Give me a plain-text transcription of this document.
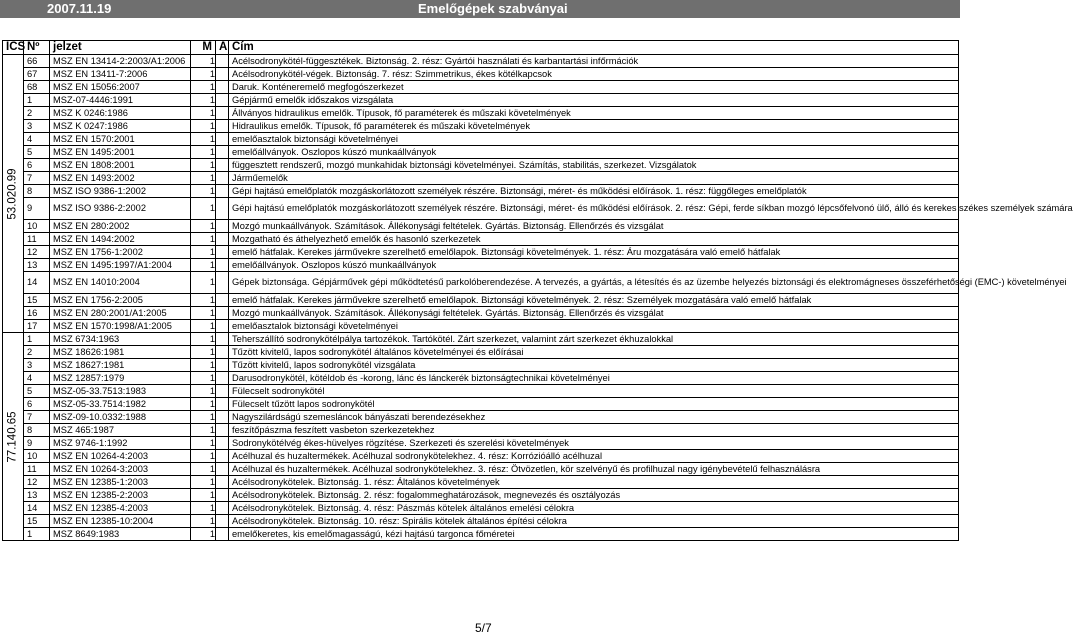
2007.11.19	Emelőgépek szabványai
ICS	Nº	jelzet	M	A	Cím

53.020.99	66	MSZ EN 13414-2:2003/A1:2006	1		Acélsodronykötél-függesztékek. Biztonság. 2. rész: Gyártói használati és karbantartási infőrmációk
	67	MSZ EN 13411-7:2006	1		Acélsodronykötél-végek. Biztonság. 7. rész: Szimmetrikus, ékes kötélkapcsok
	68	MSZ EN 15056:2007	1		Daruk. Konténeremelő megfogószerkezet
	1	MSZ-07-4446:1991	1		Gépjármű emelők időszakos vizsgálata
	2	MSZ K 0246:1986	1		Állványos hidraulikus emelők. Típusok, fő paraméterek és műszaki követelmények
	3	MSZ K 0247:1986	1		Hidraulikus emelők. Típusok, fő paraméterek és műszaki követelmények
	4	MSZ EN 1570:2001	1		emelőasztalok biztonsági követelményei
	5	MSZ EN 1495:2001	1		emelőállványok. Oszlopos kúszó munkaállványok
	6	MSZ EN 1808:2001	1		függesztett rendszerű, mozgó munkahidak biztonsági követelményei. Számítás, stabilitás, szerkezet. Vizsgálatok
	7	MSZ EN 1493:2002	1		Járműemelők
	8	MSZ ISO 9386-1:2002	1		Gépi hajtású emelőplatók mozgáskorlátozott személyek részére. Biztonsági, méret- és működési előírások. 1. rész: függőleges emelőplatók
	9	MSZ ISO 9386-2:2002	1		Gépi hajtású emelőplatók mozgáskorlátozott személyek részére. Biztonsági, méret- és működési előírások. 2. rész: Gépi, ferde síkban mozgó lépcsőfelvonó ülő, álló és kerekes székes személyek számára
	10	MSZ EN 280:2002	1		Mozgó munkaállványok. Számítások. Állékonysági feltételek. Gyártás. Biztonság. Ellenőrzés és vizsgálat
	11	MSZ EN 1494:2002	1		Mozgatható és áthelyezhető emelők és hasonló szerkezetek
	12	MSZ EN 1756-1:2002	1		emelő hátfalak. Kerekes járművekre szerelhető emelőlapok. Biztonsági követelmények. 1. rész: Áru mozgatására való emelő hátfalak
	13	MSZ EN 1495:1997/A1:2004	1		emelőállványok. Oszlopos kúszó munkaállványok
	14	MSZ EN 14010:2004	1		Gépek biztonsága. Gépjárművek gépi működtetésű parkolóberendezése. A tervezés, a gyártás, a létesítés és az üzembe helyezés biztonsági és elektromágneses összeférhetőségi (EMC-) követelményei
	15	MSZ EN 1756-2:2005	1		emelő hátfalak. Kerekes járművekre szerelhető emelőlapok. Biztonsági követelmények. 2. rész: Személyek mozgatására való emelő hátfalak
	16	MSZ EN 280:2001/A1:2005	1		Mozgó munkaállványok. Számítások. Állékonysági feltételek. Gyártás. Biztonság. Ellenőrzés és vizsgálat
	17	MSZ EN 1570:1998/A1:2005	1		emelőasztalok biztonsági követelményei

77.140.65	1	MSZ 6734:1963	1		Teherszállító sodronykötélpálya tartozékok. Tartókötél. Zárt szerkezet, valamint zárt szerkezet ékhuzalokkal
	2	MSZ 18626:1981	1		Tűzött kivitelű, lapos sodronykötél általános követelményei és előírásai
	3	MSZ 18627:1981	1		Tűzött kivitelű, lapos sodronykötél vizsgálata
	4	MSZ 12857:1979	1		Darusodronykötél, kötéldob és -korong, lánc és lánckerék biztonságtechnikai követelményei
	5	MSZ-05-33.7513:1983	1		Fülecselt sodronykötél
	6	MSZ-05-33.7514:1982	1		Fülecselt tűzött lapos sodronykötél
	7	MSZ-09-10.0332:1988	1		Nagyszilárdságú szemesláncok bányászati berendezésekhez
	8	MSZ 465:1987	1		feszítőpászma feszített vasbeton szerkezetekhez
	9	MSZ 9746-1:1992	1		Sodronykötélvég ékes-hüvelyes rögzítése. Szerkezeti és szerelési követelmények
	10	MSZ EN 10264-4:2003	1		Acélhuzal és huzaltermékek. Acélhuzal sodronykötelekhez. 4. rész: Korrózióálló acélhuzal
	11	MSZ EN 10264-3:2003	1		Acélhuzal és huzaltermékek. Acélhuzal sodronykötelekhez. 3. rész: Ötvözetlen, kör szelvényű és profilhuzal nagy igénybevételű felhasználásra
	12	MSZ EN 12385-1:2003	1		Acélsodronykötelek. Biztonság. 1. rész: Általános követelmények
	13	MSZ EN 12385-2:2003	1		Acélsodronykötelek. Biztonság. 2. rész: fogalommeghatározások, megnevezés és osztályozás
	14	MSZ EN 12385-4:2003	1		Acélsodronykötelek. Biztonság. 4. rész: Pászmás kötelek általános emelési célokra
	15	MSZ EN 12385-10:2004	1		Acélsodronykötelek. Biztonság. 10. rész: Spirális kötelek általános építési célokra
	1	MSZ 8649:1983	1		emelőkeretes, kis emelőmagasságú, kézi hajtású targonca főméretei
5/7
